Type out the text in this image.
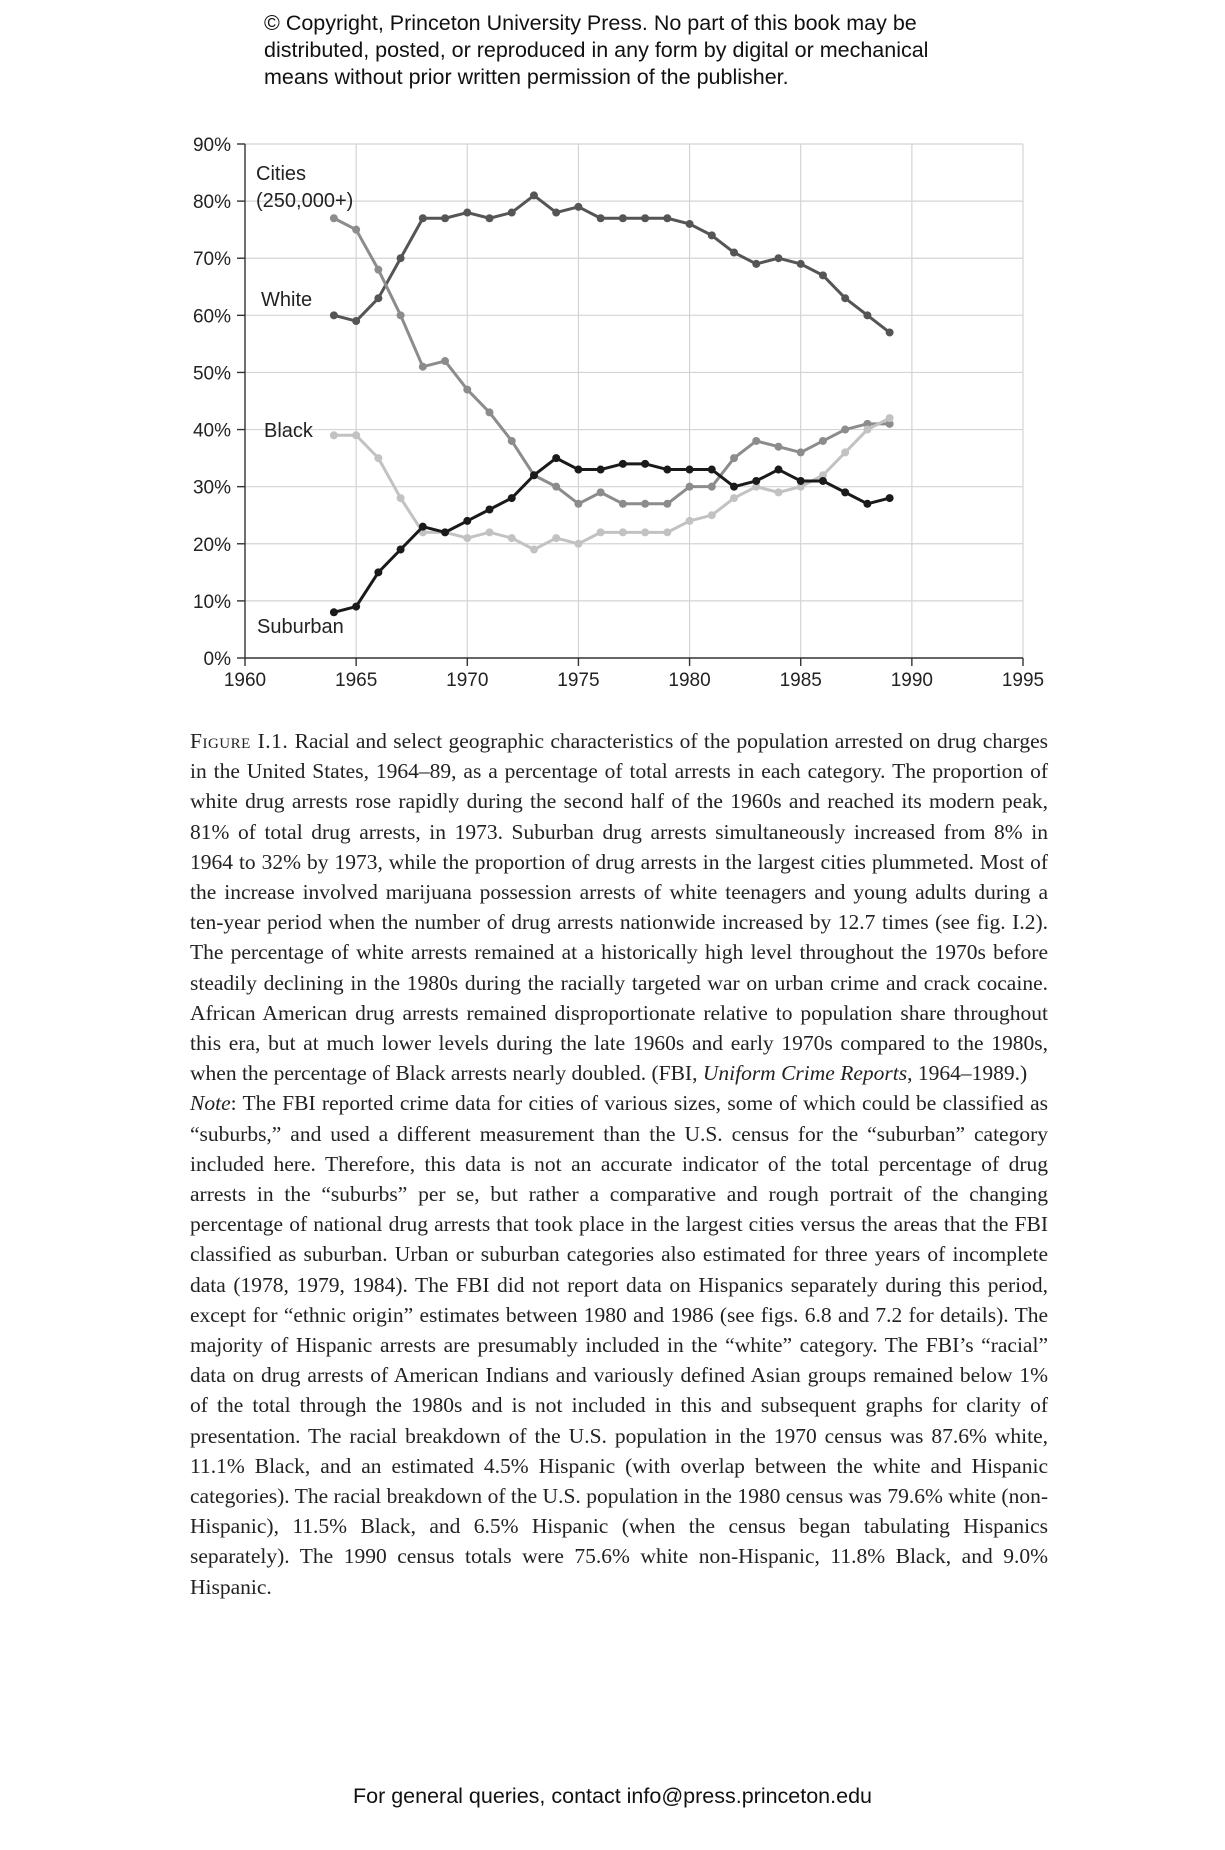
© Copyright, Princeton University Press. No part of this book may be
distributed, posted, or reproduced in any form by digital or mechanical
means without prior written permission of the publisher.
0%
10%
20%
30%
40%
50%
60%
70%
80%
90%
1960	1965	1970	1975	1980	1985	1990	1995
Cities
(250,000+)
White
Black
Suburban

Figure I.1. Racial and select geographic characteristics of the population arrested on drug charges in the United States, 1964–89, as a percentage of total arrests in each category. The proportion of white drug arrests rose rapidly during the second half of the 1960s and reached its modern peak, 81% of total drug arrests, in 1973. Suburban drug arrests simultaneously increased from 8% in 1964 to 32% by 1973, while the proportion of drug arrests in the largest cities plummeted. Most of the increase involved marijuana possession arrests of white teenagers and young adults during a ten-year period when the number of drug arrests nationwide increased by 12.7 times (see fig. I.2). The percentage of white arrests remained at a historically high level throughout the 1970s before steadily declining in the 1980s during the racially targeted war on urban crime and crack cocaine. African American drug arrests remained disproportionate relative to population share throughout this era, but at much lower levels during the late 1960s and early 1970s compared to the 1980s, when the percentage of Black arrests nearly doubled. (FBI, Uniform Crime Reports, 1964–1989.)

Note: The FBI reported crime data for cities of various sizes, some of which could be classified as “suburbs,” and used a different measurement than the U.S. census for the “suburban” category included here. Therefore, this data is not an accurate indicator of the total percentage of drug arrests in the “suburbs” per se, but rather a comparative and rough portrait of the changing percentage of national drug arrests that took place in the largest cities versus the areas that the FBI classified as suburban. Urban or suburban categories also estimated for three years of incomplete data (1978, 1979, 1984). The FBI did not report data on Hispanics separately during this period, except for “ethnic origin” estimates between 1980 and 1986 (see figs. 6.8 and 7.2 for details). The majority of Hispanic arrests are presumably included in the “white” category. The FBI’s “racial” data on drug arrests of American Indians and variously defined Asian groups remained below 1% of the total through the 1980s and is not included in this and subsequent graphs for clarity of presentation. The racial breakdown of the U.S. population in the 1970 census was 87.6% white, 11.1% Black, and an estimated 4.5% Hispanic (with overlap between the white and Hispanic categories). The racial breakdown of the U.S. population in the 1980 census was 79.6% white (non-Hispanic), 11.5% Black, and 6.5% Hispanic (when the census began tabulating Hispanics separately). The 1990 census totals were 75.6% white non-Hispanic, 11.8% Black, and 9.0% Hispanic.

For general queries, contact info@press.princeton.edu
